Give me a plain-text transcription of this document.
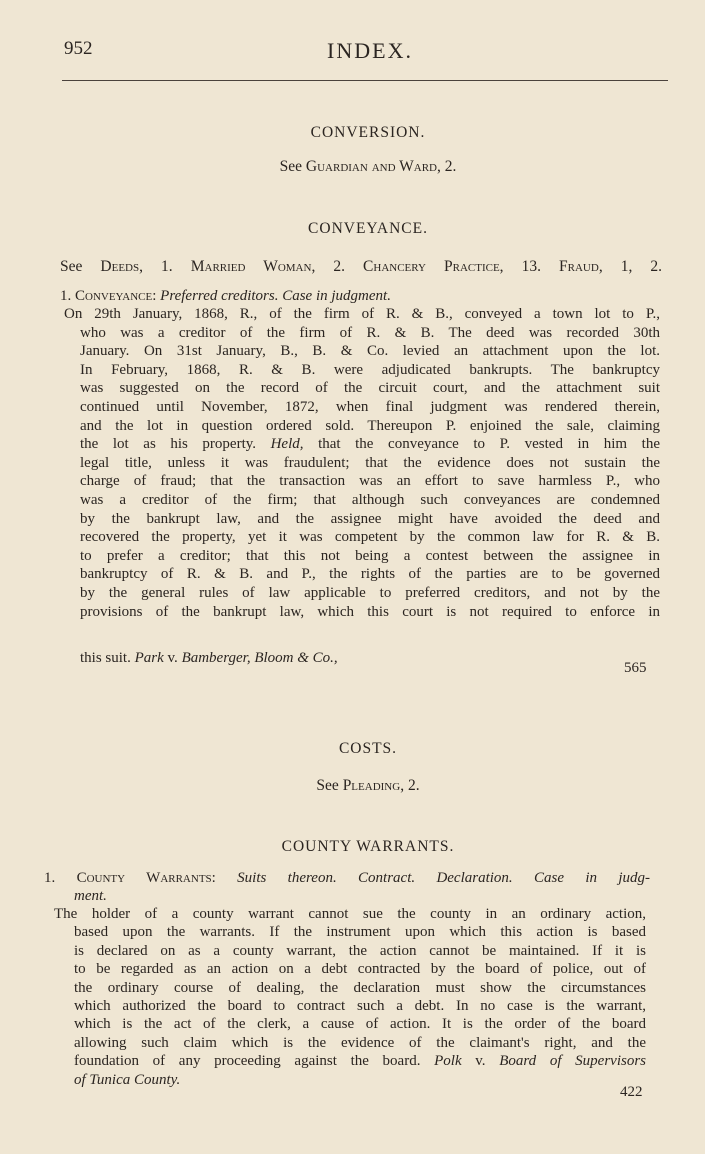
952	INDEX.
CONVERSION.
See Guardian and Ward, 2.
CONVEYANCE.
See Deeds, 1. Married Woman, 2. Chancery Practice, 13. Fraud, 1, 2.
1. Conveyance: Preferred creditors. Case in judgment.
On 29th January, 1868, R., of the firm of R. & B., conveyed a town lot to P.,
who was a creditor of the firm of R. & B. The deed was recorded 30th
January. On 31st January, B., B. & Co. levied an attachment upon the lot.
In February, 1868, R. & B. were adjudicated bankrupts. The bankruptcy
was suggested on the record of the circuit court, and the attachment suit
continued until November, 1872, when final judgment was rendered therein,
and the lot in question ordered sold. Thereupon P. enjoined the sale, claiming
the lot as his property. Held, that the conveyance to P. vested in him the
legal title, unless it was fraudulent; that the evidence does not sustain the
charge of fraud; that the transaction was an effort to save harmless P., who
was a creditor of the firm; that although such conveyances are condemned
by the bankrupt law, and the assignee might have avoided the deed and
recovered the property, yet it was competent by the common law for R. & B.
to prefer a creditor; that this not being a contest between the assignee in
bankruptcy of R. & B. and P., the rights of the parties are to be governed
by the general rules of law applicable to preferred creditors, and not by the
provisions of the bankrupt law, which this court is not required to enforce in
this suit. Park v. Bamberger, Bloom & Co.,
565
COSTS.
See Pleading, 2.
COUNTY WARRANTS.
1. County Warrants: Suits thereon. Contract. Declaration. Case in judg-
ment.
The holder of a county warrant cannot sue the county in an ordinary action,
based upon the warrants. If the instrument upon which this action is based
is declared on as a county warrant, the action cannot be maintained. If it is
to be regarded as an action on a debt contracted by the board of police, out of
the ordinary course of dealing, the declaration must show the circumstances
which authorized the board to contract such a debt. In no case is the warrant,
which is the act of the clerk, a cause of action. It is the order of the board
allowing such claim which is the evidence of the claimant's right, and the
foundation of any proceeding against the board. Polk v. Board of Supervisors
of Tunica County.
422
